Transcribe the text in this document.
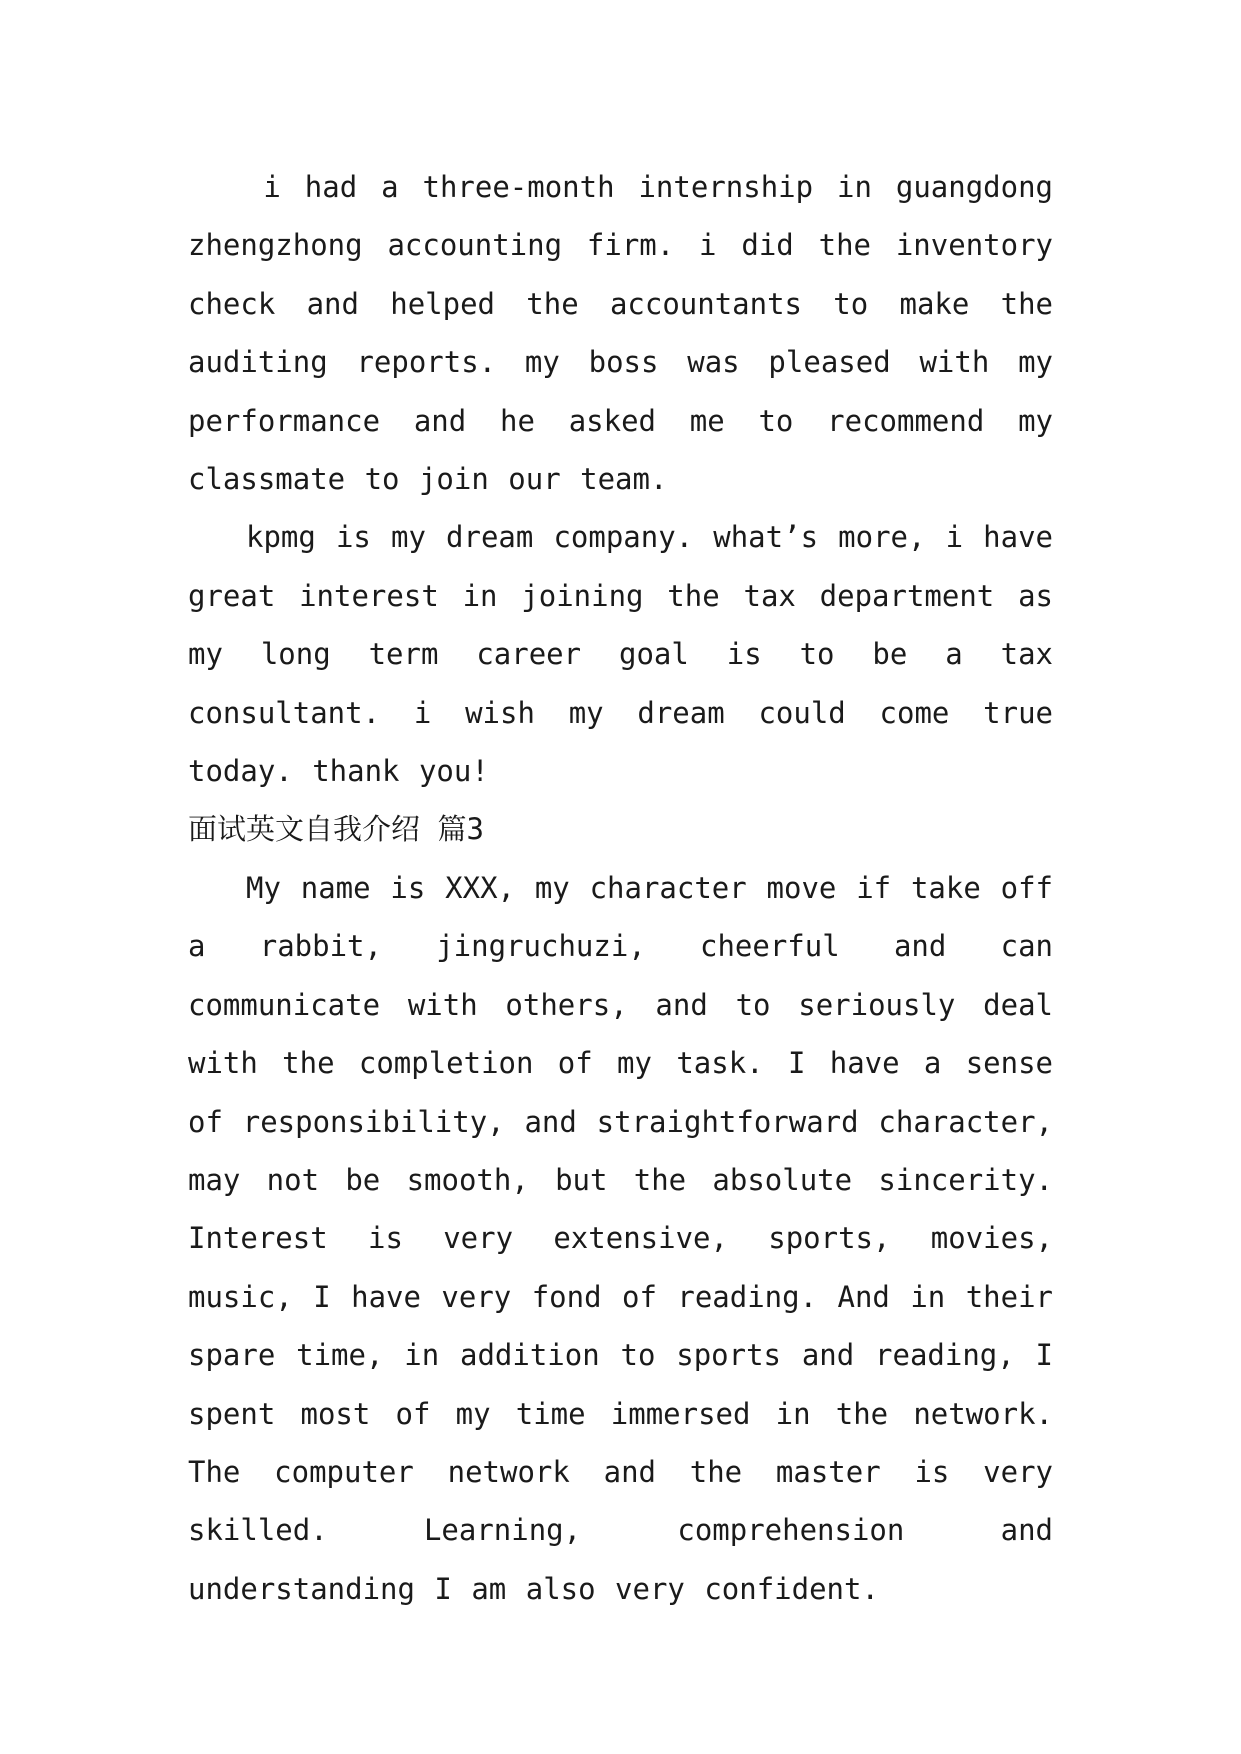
i had a three-month internship in guangdong zhengzhong accounting firm. i did the inventory check and helped the accountants to make the auditing reports. my boss was pleased with my performance and he asked me to recommend my classmate to join our team.

kpmg is my dream company. what’s more, i have great interest in joining the tax department as my long term career goal is to be a tax consultant. i wish my dream could come true today. thank you!

面试英文自我介绍 篇3

My name is XXX, my character move if take off a rabbit, jingruchuzi, cheerful and can communicate with others, and to seriously deal with the completion of my task. I have a sense of responsibility, and straightforward character, may not be smooth, but the absolute sincerity. Interest is very extensive, sports, movies, music, I have very fond of reading. And in their spare time, in addition to sports and reading, I spent most of my time immersed in the network. The computer network and the master is very skilled. Learning, comprehension and understanding I am also very confident.
